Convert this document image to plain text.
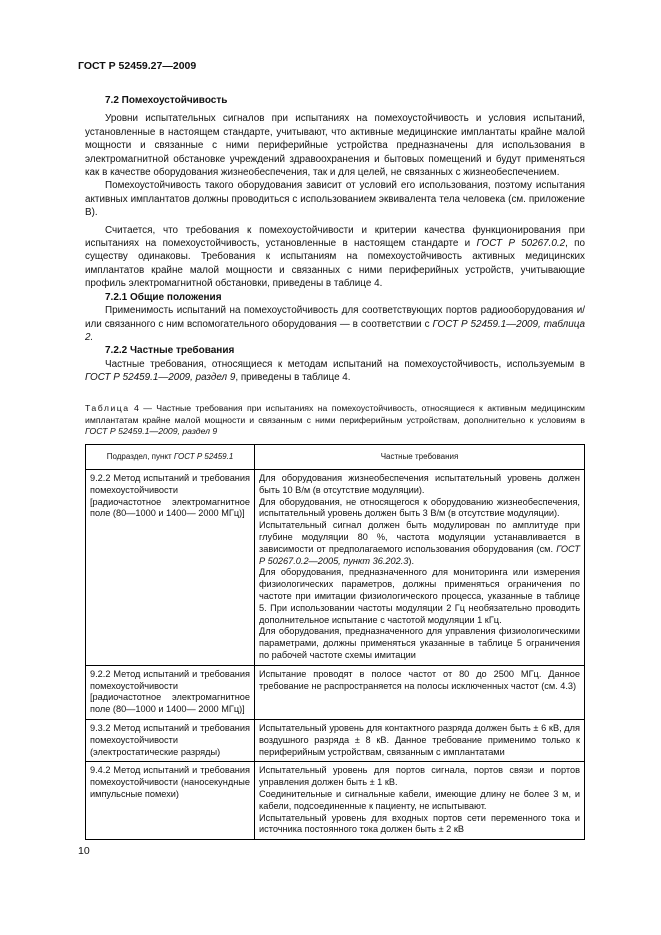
ГОСТ Р 52459.27—2009
7.2 Помехоустойчивость

Уровни испытательных сигналов при испытаниях на помехоустойчивость и условия испытаний, установленные в настоящем стандарте, учитывают, что активные медицинские имплантаты крайне малой мощности и связанные с ними периферийные устройства предназначены для использования в электромагнитной обстановке учреждений здравоохранения и бытовых помещений и будут применяться как в качестве оборудования жизнеобеспечения, так и для целей, не связанных с жизнеобеспечением.

Помехоустойчивость такого оборудования зависит от условий его использования, поэтому испытания активных имплантатов должны проводиться с использованием эквивалента тела человека (см. приложение В).

Считается, что требования к помехоустойчивости и критерии качества функционирования при испытаниях на помехоустойчивость, установленные в настоящем стандарте и ГОСТ Р 50267.0.2, по существу одинаковы. Требования к испытаниям на помехоустойчивость активных медицинских имплантатов крайне малой мощности и связанных с ними периферийных устройств, учитывающие профиль электромагнитной обстановки, приведены в таблице 4.

7.2.1 Общие положения

Применимость испытаний на помехоустойчивость для соответствующих портов радиооборудования и/или связанного с ним вспомогательного оборудования — в соответствии с ГОСТ Р 52459.1—2009, таблица 2.

7.2.2 Частные требования

Частные требования, относящиеся к методам испытаний на помехоустойчивость, используемым в ГОСТ Р 52459.1—2009, раздел 9, приведены в таблице 4.

Таблица 4 — Частные требования при испытаниях на помехоустойчивость, относящиеся к активным медицинским имплантатам крайне малой мощности и связанным с ними периферийным устройствам, дополнительно к условиям в ГОСТ Р 52459.1—2009, раздел 9
Подраздел, пункт ГОСТ Р 52459.1	Частные требования
9.2.2 Метод испытаний и требования помехоустойчивости [радиочастотное электромагнитное поле (80—1000 и 1400— 2000 МГц)]	Для оборудования жизнеобеспечения испытательный уровень должен быть 10 В/м (в отсутствие модуляции).

Для оборудования, не относящегося к оборудованию жизнеобеспечения, испытательный уровень должен быть 3 В/м (в отсутствие модуляции).

Испытательный сигнал должен быть модулирован по амплитуде при глубине модуляции 80 %, частота модуляции устанавливается в зависимости от предполагаемого использования оборудования (см. ГОСТ Р 50267.0.2—2005, пункт 36.202.3).

Для оборудования, предназначенного для мониторинга или измерения физиологических параметров, должны применяться ограничения по частоте при имитации физиологического процесса, указанные в таблице 5. При использовании частоты модуляции 2 Гц необязательно проводить дополнительное испытание с частотой модуляции 1 кГц.

Для оборудования, предназначенного для управления физиологическими параметрами, должны применяться указанные в таблице 5 ограничения по рабочей частоте схемы имитации

9.2.2 Метод испытаний и требования помехоустойчивости [радиочастотное электромагнитное поле (80—1000 и 1400— 2000 МГц)]	Испытание проводят в полосе частот от 80 до 2500 МГц. Данное требование не распространяется на полосы исключенных частот (см. 4.3)

9.3.2 Метод испытаний и требования помехоустойчивости (электростатические разряды)	Испытательный уровень для контактного разряда должен быть ± 6 кВ, для воздушного разряда ± 8 кВ. Данное требование применимо только к периферийным устройствам, связанным с имплантатами

9.4.2 Метод испытаний и требования помехоустойчивости (наносекундные импульсные помехи)	Испытательный уровень для портов сигнала, портов связи и портов управления должен быть ± 1 кВ.

Соединительные и сигнальные кабели, имеющие длину не более 3 м, и кабели, подсоединенные к пациенту, не испытывают.

Испытательный уровень для входных портов сети переменного тока и источника постоянного тока должен быть ± 2 кВ

10
